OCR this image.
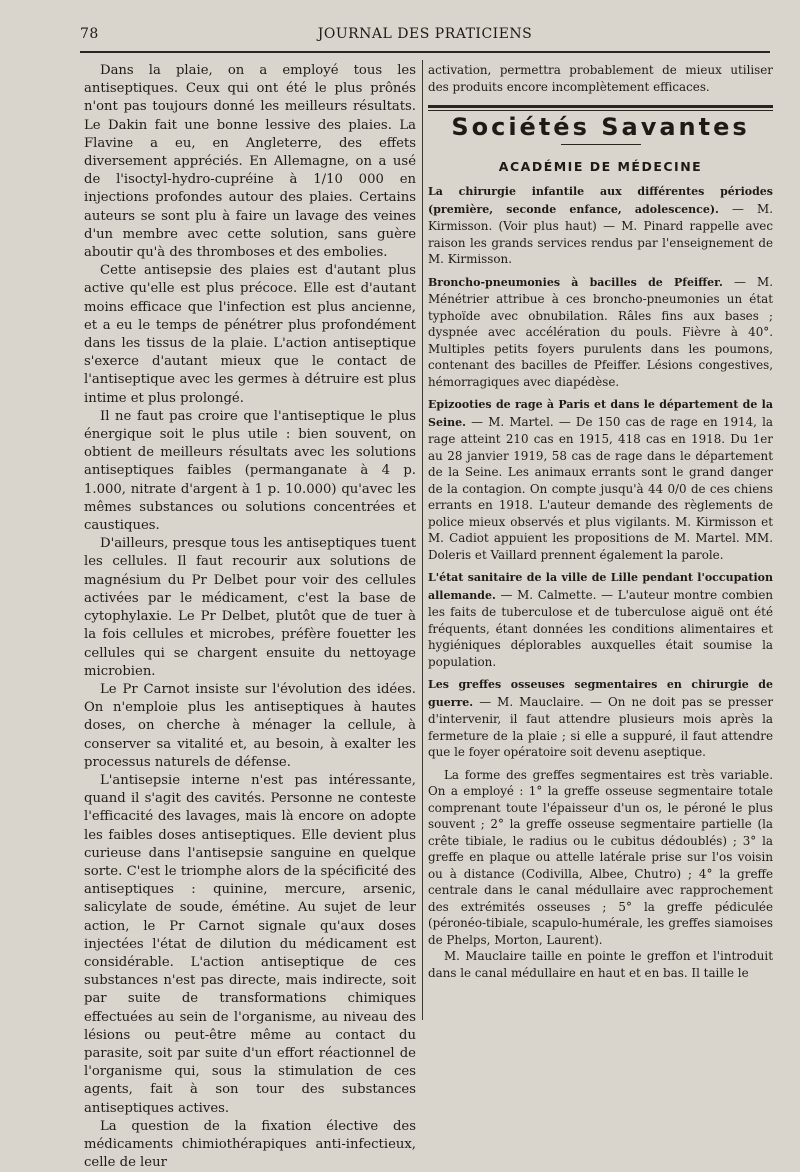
78	JOURNAL DES PRATICIENS

Dans la plaie, on a employé tous les antiseptiques. Ceux qui ont été le plus prônés n'ont pas toujours donné les meilleurs résultats. Le Dakin fait une bonne lessive des plaies. La Flavine a eu, en Angleterre, des effets diversement appréciés. En Allemagne, on a usé de l'isoctyl-hydro-cupréine à 1/10 000 en injections profondes autour des plaies. Certains auteurs se sont plu à faire un lavage des veines d'un membre avec cette solution, sans guère aboutir qu'à des thromboses et des embolies.

Cette antisepsie des plaies est d'autant plus active qu'elle est plus précoce. Elle est d'autant moins efficace que l'infection est plus ancienne, et a eu le temps de pénétrer plus profondément dans les tissus de la plaie. L'action antiseptique s'exerce d'autant mieux que le contact de l'antiseptique avec les germes à détruire est plus intime et plus prolongé.

Il ne faut pas croire que l'antiseptique le plus énergique soit le plus utile : bien souvent, on obtient de meilleurs résultats avec les solutions antiseptiques faibles (permanganate à 4 p. 1.000, nitrate d'argent à 1 p. 10.000) qu'avec les mêmes substances ou solutions concentrées et caustiques.

D'ailleurs, presque tous les antiseptiques tuent les cellules. Il faut recourir aux solutions de magnésium du Pr Delbet pour voir des cellules activées par le médicament, c'est la base de cytophylaxie. Le Pr Delbet, plutôt que de tuer à la fois cellules et microbes, préfère fouetter les cellules qui se chargent ensuite du nettoyage microbien.

Le Pr Carnot insiste sur l'évolution des idées. On n'emploie plus les antiseptiques à hautes doses, on cherche à ménager la cellule, à conserver sa vitalité et, au besoin, à exalter les processus naturels de défense.

L'antisepsie interne n'est pas intéressante, quand il s'agit des cavités. Personne ne conteste l'efficacité des lavages, mais là encore on adopte les faibles doses antiseptiques. Elle devient plus curieuse dans l'antisepsie sanguine en quelque sorte. C'est le triomphe alors de la spécificité des antiseptiques : quinine, mercure, arsenic, salicylate de soude, émétine. Au sujet de leur action, le Pr Carnot signale qu'aux doses injectées l'état de dilution du médicament est considérable. L'action antiseptique de ces substances n'est pas directe, mais indirecte, soit par suite de transformations chimiques effectuées au sein de l'organisme, au niveau des lésions ou peut-être même au contact du parasite, soit par suite d'un effort réactionnel de l'organisme qui, sous la stimulation de ces agents, fait à son tour des substances antiseptiques actives.

La question de la fixation élective des médicaments chimiothérapiques anti-infectieux, celle de leur

activation, permettra probablement de mieux utiliser des produits encore incomplètement efficaces.

Sociétés Savantes
ACADÉMIE DE MÉDECINE

La chirurgie infantile aux différentes périodes (première, seconde enfance, adolescence). — M. Kirmisson. (Voir plus haut) — M. Pinard rappelle avec raison les grands services rendus par l'enseignement de M. Kirmisson.

Broncho-pneumonies à bacilles de Pfeiffer. — M. Ménétrier attribue à ces broncho-pneumonies un état typhoïde avec obnubilation. Râles fins aux bases ; dyspnée avec accélération du pouls. Fièvre à 40°. Multiples petits foyers purulents dans les poumons, contenant des bacilles de Pfeiffer. Lésions congestives, hémorragiques avec diapédèse.

Epizooties de rage à Paris et dans le département de la Seine. — M. Martel. — De 150 cas de rage en 1914, la rage atteint 210 cas en 1915, 418 cas en 1918. Du 1er au 28 janvier 1919, 58 cas de rage dans le département de la Seine. Les animaux errants sont le grand danger de la contagion. On compte jusqu'à 44 0/0 de ces chiens errants en 1918. L'auteur demande des règlements de police mieux observés et plus vigilants. M. Kirmisson et M. Cadiot appuient les propositions de M. Martel. MM. Doleris et Vaillard prennent également la parole.

L'état sanitaire de la ville de Lille pendant l'occupation allemande. — M. Calmette. — L'auteur montre combien les faits de tuberculose et de tuberculose aiguë ont été fréquents, étant données les conditions alimentaires et hygiéniques déplorables auxquelles était soumise la population.

Les greffes osseuses segmentaires en chirurgie de guerre. — M. Mauclaire. — On ne doit pas se presser d'intervenir, il faut attendre plusieurs mois après la fermeture de la plaie ; si elle a suppuré, il faut attendre que le foyer opératoire soit devenu aseptique.

La forme des greffes segmentaires est très variable. On a employé : 1° la greffe osseuse segmentaire totale comprenant toute l'épaisseur d'un os, le péroné le plus souvent ; 2° la greffe osseuse segmentaire partielle (la crête tibiale, le radius ou le cubitus dédoublés) ; 3° la greffe en plaque ou attelle latérale prise sur l'os voisin ou à distance (Codivilla, Albee, Chutro) ; 4° la greffe centrale dans le canal médullaire avec rapprochement des extrémités osseuses ; 5° la greffe pédiculée (péronéo-tibiale, scapulo-humérale, les greffes siamoises de Phelps, Morton, Laurent).

M. Mauclaire taille en pointe le greffon et l'introduit dans le canal médullaire en haut et en bas. Il taille le
